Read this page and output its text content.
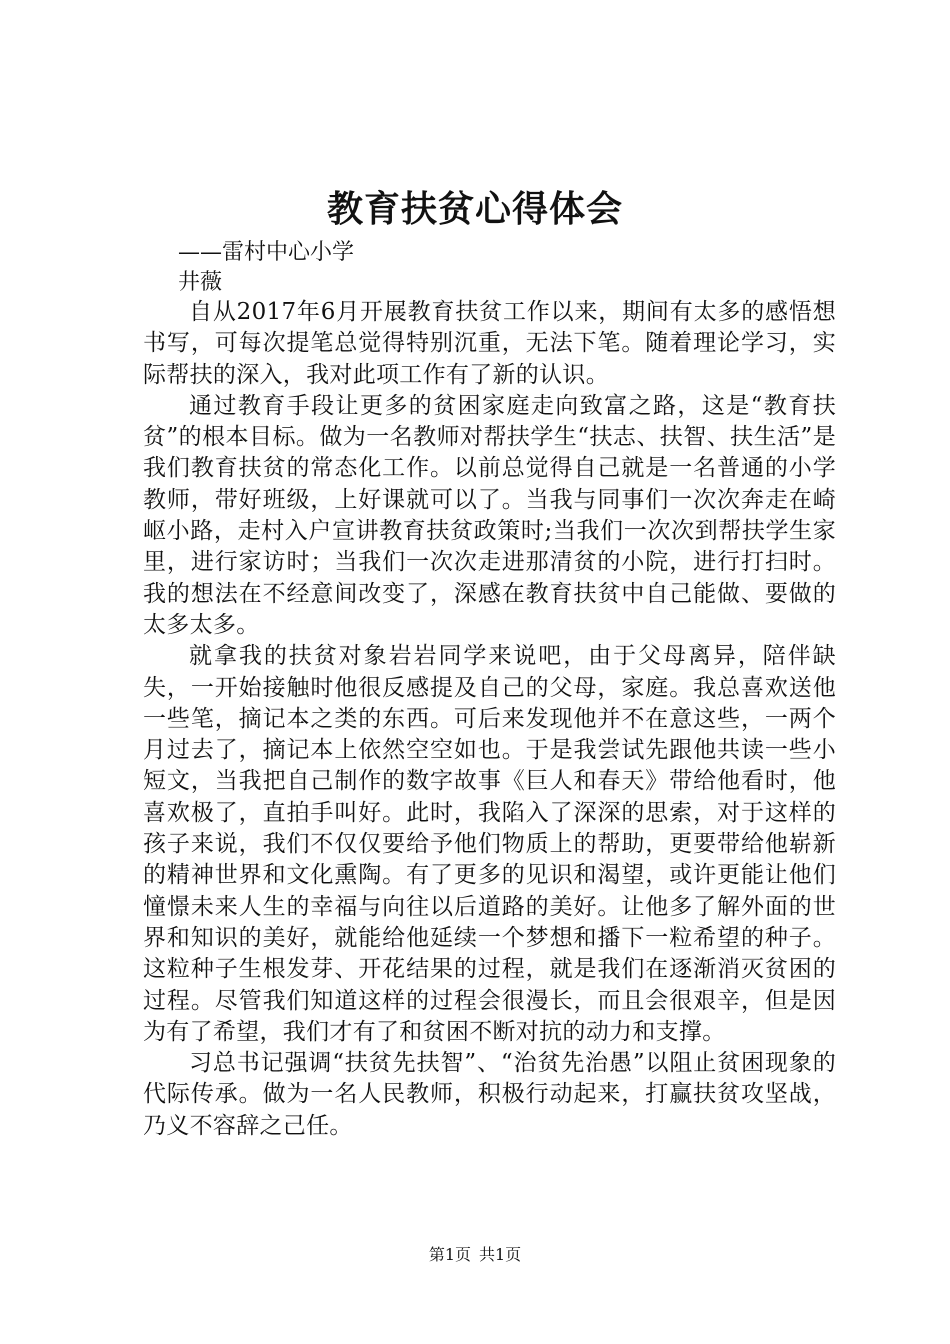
教育扶贫心得体会
——雷村中心小学
井薇

自从2017年6月开展教育扶贫工作以来，期间有太多的感悟想书写，可每次提笔总觉得特别沉重，无法下笔。随着理论学习，实际帮扶的深入，我对此项工作有了新的认识。

通过教育手段让更多的贫困家庭走向致富之路，这是“教育扶贫”的根本目标。做为一名教师对帮扶学生“扶志、扶智、扶生活”是我们教育扶贫的常态化工作。以前总觉得自己就是一名普通的小学教师，带好班级，上好课就可以了。当我与同事们一次次奔走在崎岖小路，走村入户宣讲教育扶贫政策时;当我们一次次到帮扶学生家里，进行家访时；当我们一次次走进那清贫的小院，进行打扫时。我的想法在不经意间改变了，深感在教育扶贫中自己能做、要做的太多太多。

就拿我的扶贫对象岩岩同学来说吧，由于父母离异，陪伴缺失，一开始接触时他很反感提及自己的父母，家庭。我总喜欢送他一些笔，摘记本之类的东西。可后来发现他并不在意这些，一两个月过去了，摘记本上依然空空如也。于是我尝试先跟他共读一些小短文，当我把自己制作的数字故事《巨人和春天》带给他看时，他喜欢极了，直拍手叫好。此时，我陷入了深深的思索，对于这样的孩子来说，我们不仅仅要给予他们物质上的帮助，更要带给他崭新的精神世界和文化熏陶。有了更多的见识和渴望，或许更能让他们憧憬未来人生的幸福与向往以后道路的美好。让他多了解外面的世界和知识的美好，就能给他延续一个梦想和播下一粒希望的种子。这粒种子生根发芽、开花结果的过程，就是我们在逐渐消灭贫困的过程。尽管我们知道这样的过程会很漫长，而且会很艰辛，但是因为有了希望，我们才有了和贫困不断对抗的动力和支撑。

习总书记强调“扶贫先扶智”、“治贫先治愚”以阻止贫困现象的代际传承。做为一名人民教师，积极行动起来，打赢扶贫攻坚战，乃义不容辞之己任。

第1页 共1页
